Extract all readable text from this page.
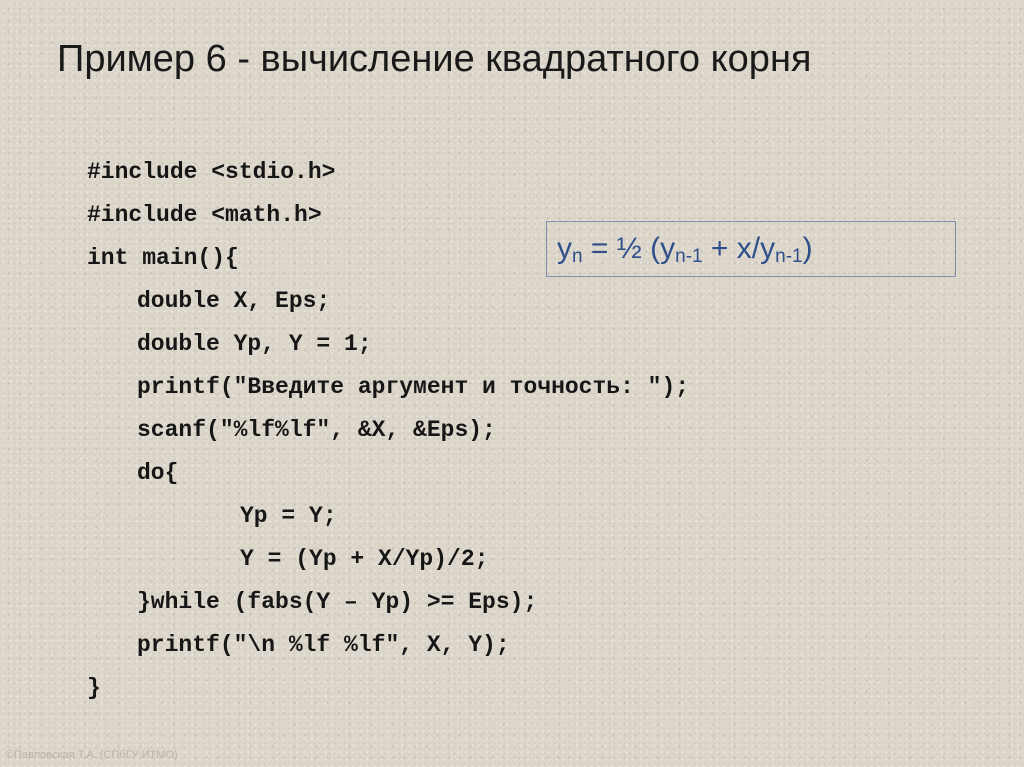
Пример 6 - вычисление квадратного корня
#include <stdio.h>
#include <math.h>
int main(){
double X, Eps;
double Yp, Y = 1;
printf("Введите аргумент и точность: ");
scanf("%lf%lf", &X, &Eps);
do{
Yp = Y;
Y = (Yp + X/Yp)/2;
}while (fabs(Y – Yp) >= Eps);
printf("\n %lf %lf", X, Y);
}
$y_n$ = ½ $(y_{n-1} + x/y_{n-1})$
©Павловская Т.А. (СПбГУ ИТМО)
